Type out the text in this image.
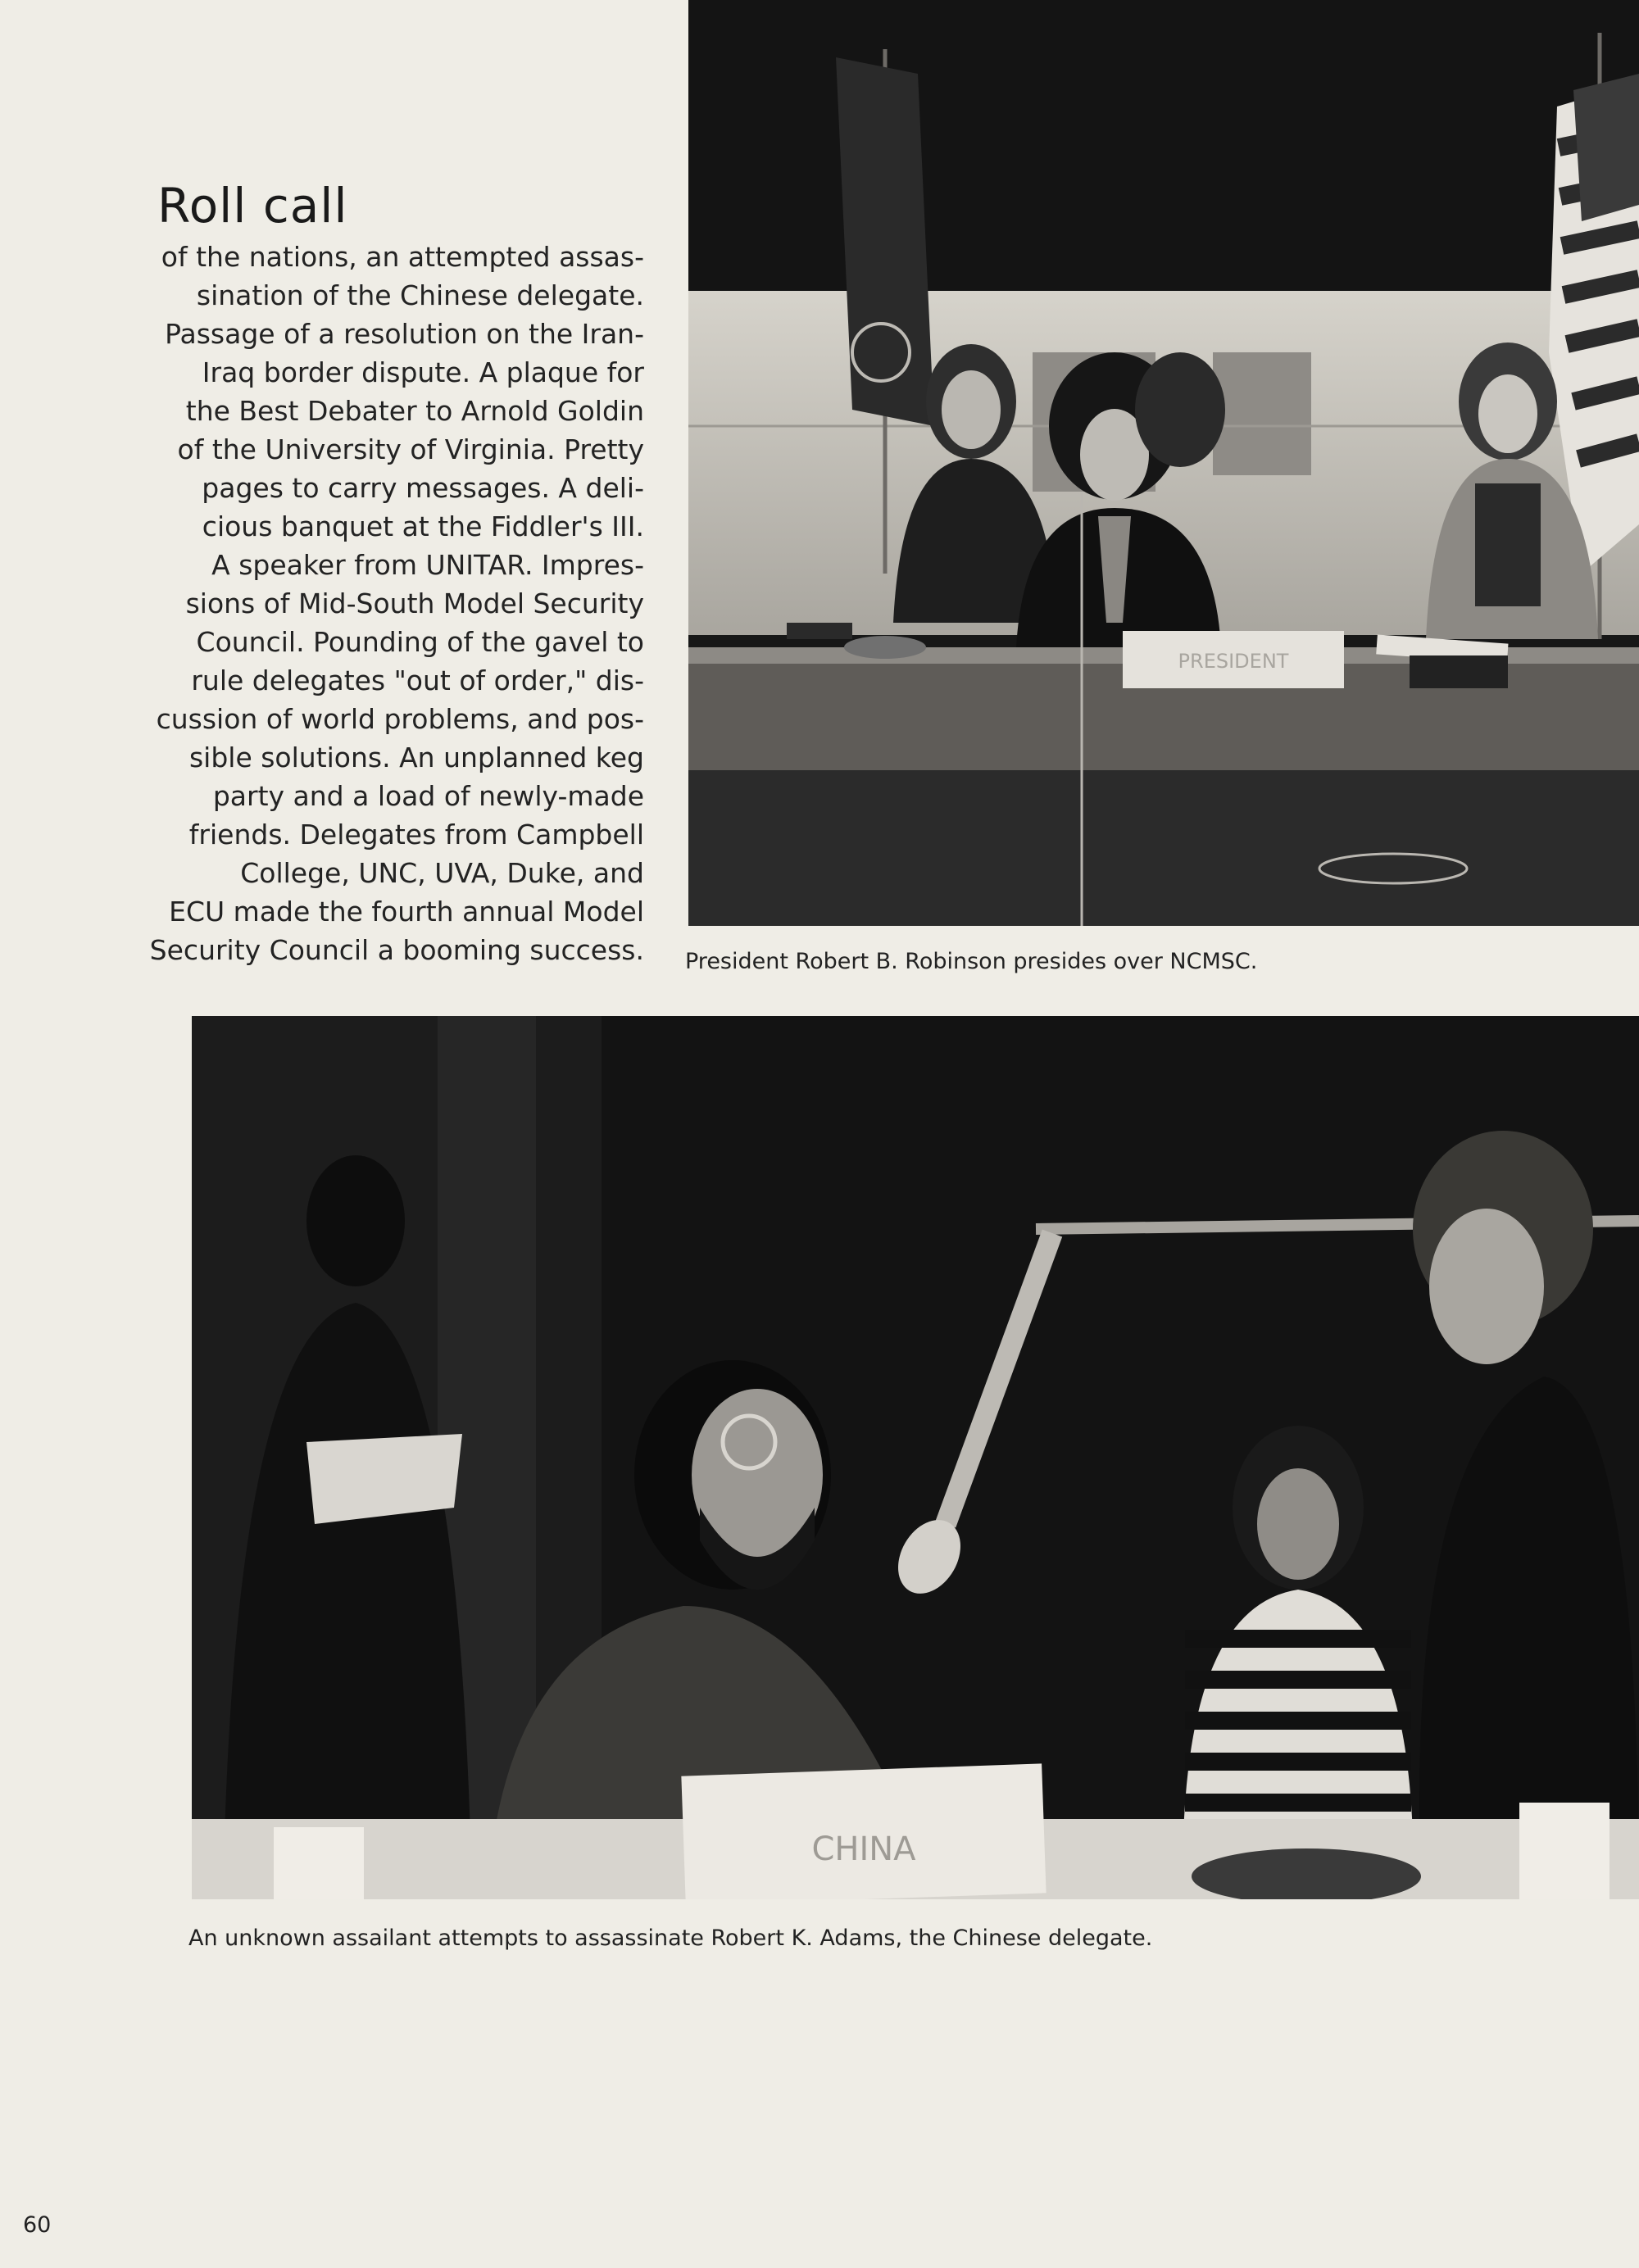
Roll call
of the nations, an attempted assas-
sination of the Chinese delegate.
Passage of a resolution on the Iran-
Iraq border dispute. A plaque for
the Best Debater to Arnold Goldin
of the University of Virginia. Pretty
pages to carry messages. A deli-
cious banquet at the Fiddler's III.
A speaker from UNITAR. Impres-
sions of Mid-South Model Security
Council. Pounding of the gavel to
rule delegates "out of order," dis-
cussion of world problems, and pos-
sible solutions. An unplanned keg
party and a load of newly-made
friends. Delegates from Campbell
College, UNC, UVA, Duke, and
ECU made the fourth annual Model
Security Council a booming success.
PRESIDENT
President Robert B. Robinson presides over NCMSC.
CHINA
An unknown assailant attempts to assassinate Robert K. Adams, the Chinese delegate.
60
